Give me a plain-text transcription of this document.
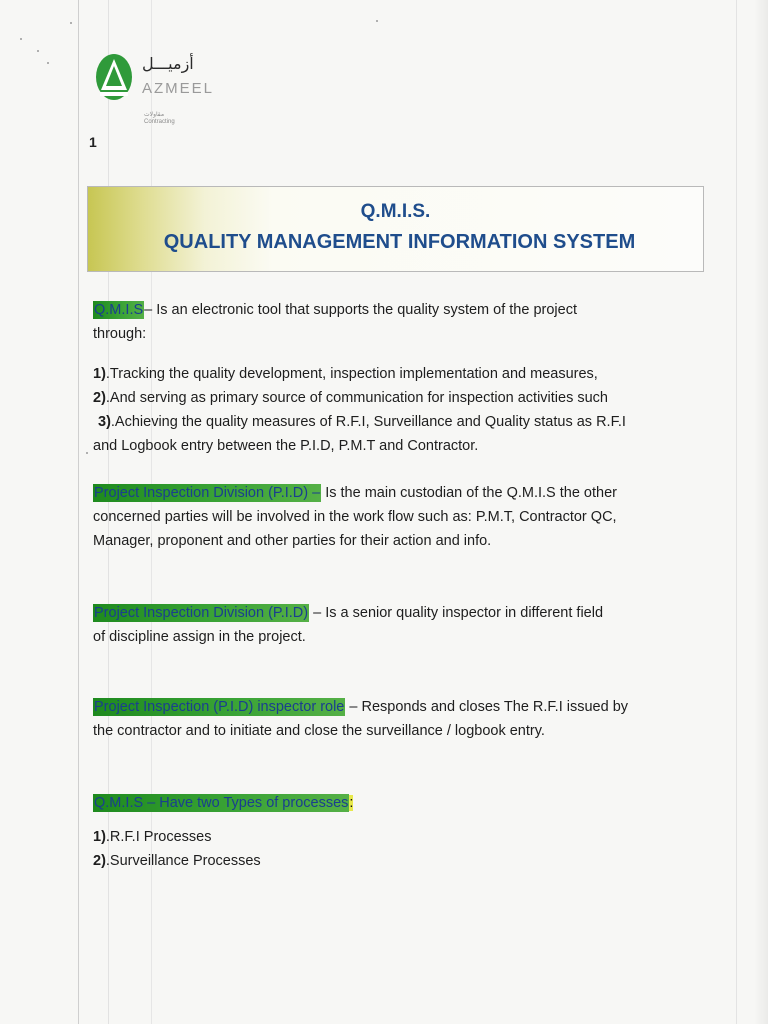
أزميـــل
AZMEEL
مقاولات
Contracting
1
Q.M.I.S.
QUALITY MANAGEMENT INFORMATION SYSTEM
Q.M.I.S– Is an electronic tool that supports the quality system of the project
through:
1).Tracking the quality development, inspection implementation and measures,
2).And serving as primary source of communication for inspection activities such
3).Achieving the quality measures of R.F.I, Surveillance and Quality status as R.F.I
and Logbook entry between the P.I.D, P.M.T and Contractor.
Project Inspection Division (P.I.D) – Is the main custodian of the Q.M.I.S the other
concerned parties will be involved in the work flow such as: P.M.T, Contractor QC,
Manager, proponent and other parties for their action and info.
Project Inspection Division (P.I.D) – Is a senior quality inspector in different field
of discipline assign in the project.
Project Inspection (P.I.D) inspector role – Responds and closes The R.F.I issued by
the contractor and to initiate and close the surveillance / logbook entry.
Q.M.I.S – Have two Types of processes:
1).R.F.I Processes
2).Surveillance Processes
